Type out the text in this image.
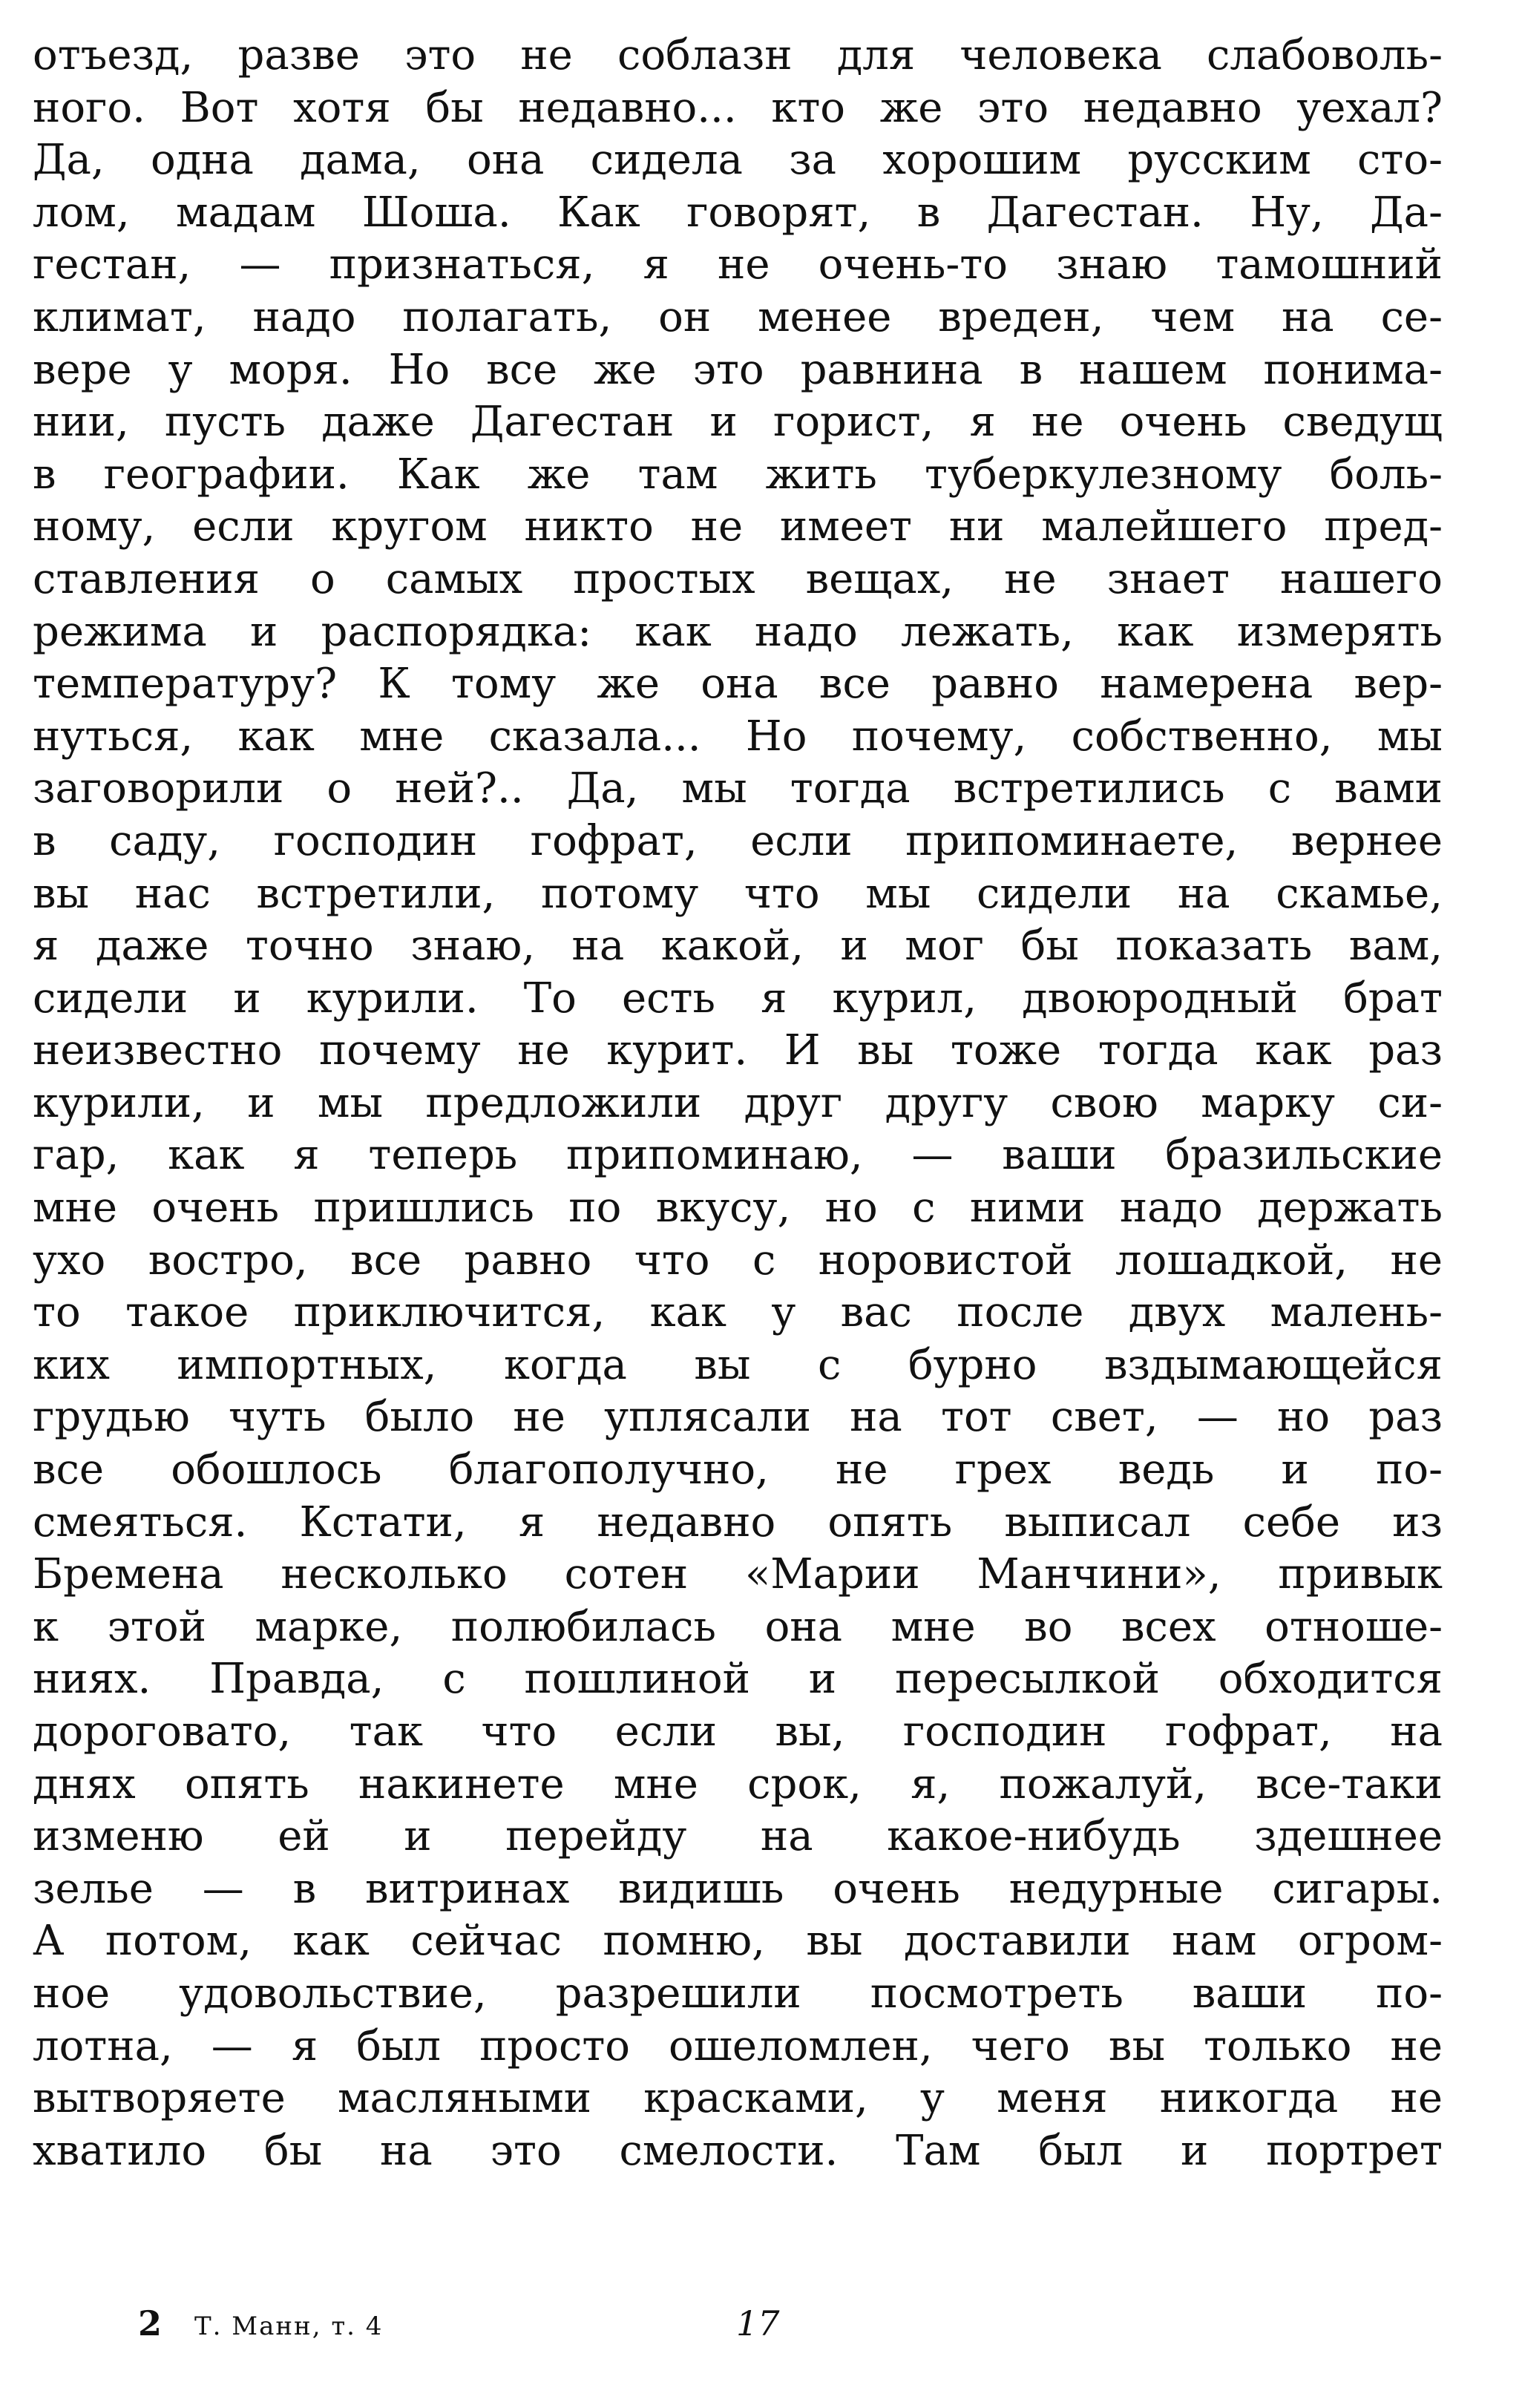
отъезд, разве это не соблазн для человека слабоволь-
ного. Вот хотя бы недавно... кто же это недавно уехал?
Да, одна дама, она сидела за хорошим русским сто-
лом, мадам Шоша. Как говорят, в Дагестан. Ну, Да-
гестан, — признаться, я не очень-то знаю тамошний
климат, надо полагать, он менее вреден, чем на се-
вере у моря. Но все же это равнина в нашем понима-
нии, пусть даже Дагестан и горист, я не очень сведущ
в географии. Как же там жить туберкулезному боль-
ному, если кругом никто не имеет ни малейшего пред-
ставления о самых простых вещах, не знает нашего
режима и распорядка: как надо лежать, как измерять
температуру? К тому же она все равно намерена вер-
нуться, как мне сказала... Но почему, собственно, мы
заговорили о ней?.. Да, мы тогда встретились с вами
в саду, господин гофрат, если припоминаете, вернее
вы нас встретили, потому что мы сидели на скамье,
я даже точно знаю, на какой, и мог бы показать вам,
сидели и курили. То есть я курил, двоюродный брат
неизвестно почему не курит. И вы тоже тогда как раз
курили, и мы предложили друг другу свою марку си-
гар, как я теперь припоминаю, — ваши бразильские
мне очень пришлись по вкусу, но с ними надо держать
ухо востро, все равно что с норовистой лошадкой, не
то такое приключится, как у вас после двух малень-
ких импортных, когда вы с бурно вздымающейся
грудью чуть было не уплясали на тот свет, — но раз
все обошлось благополучно, не грех ведь и по-
смеяться. Кстати, я недавно опять выписал себе из
Бремена несколько сотен «Марии Манчини», привык
к этой марке, полюбилась она мне во всех отноше-
ниях. Правда, с пошлиной и пересылкой обходится
дороговато, так что если вы, господин гофрат, на
днях опять накинете мне срок, я, пожалуй, все-таки
изменю ей и перейду на какое-нибудь здешнее
зелье — в витринах видишь очень недурные сигары.
А потом, как сейчас помню, вы доставили нам огром-
ное удовольствие, разрешили посмотреть ваши по-
лотна, — я был просто ошеломлен, чего вы только не
вытворяете масляными красками, у меня никогда не
хватило бы на это смелости. Там был и портрет
2 Т. Манн, т. 4	17
